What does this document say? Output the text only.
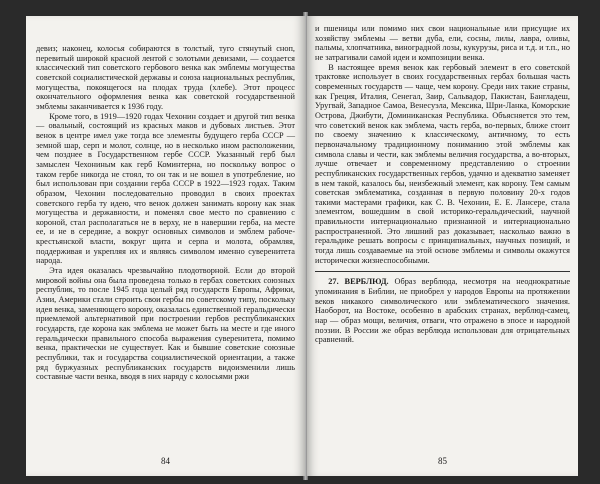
девиз; наконец, колосья собираются в толстый, туго стянутый сноп, перевитый широкой красной лентой с золотыми девизами, — создается классический тип советского гербового венка как эмблемы могущества советской социалистической державы и союза национальных республик, могущества, покоящегося на плодах труда (хлебе). Этот процесс окончательного оформления венка как советской государственной эмблемы заканчивается к 1936 году.

Кроме того, в 1919—1920 годах Чехонин создает и другой тип венка — овальный, состоящий из красных маков и дубовых листьев. Этот венок в центре имел уже тогда все элементы будущего герба СССР — земной шар, серп и молот, солнце, но в несколько ином расположении, чем позднее в Государственном гербе СССР. Указанный герб был замыслен Чехониным как герб Коминтерна, но поскольку вопрос о таком гербе никогда не стоял, то он так и не вошел в употребление, но был использован при создании герба СССР в 1922—1923 годах. Таким образом, Чехонин последовательно проводил в своих проектах советского герба ту идею, что венок должен занимать корону как знак могущества и державности, и поменял свое место по сравнению с короной, стал располагаться не в верху, не в навершии герба, на месте ее, и не в середине, а вокруг основных символов и эмблем рабоче-крестьянской власти, вокруг щита и серпа и молота, обрамляя, поддерживая и укрепляя их и являясь символом именно суверенитета народа.

Эта идея оказалась чрезвычайно плодотворной. Если до второй мировой войны она была проведена только в гербах советских союзных республик, то после 1945 года целый ряд государств Европы, Африки, Азии, Америки стали строить свои гербы по советскому типу, поскольку идея венка, заменяющего корону, оказалась единственной геральдически приемлемой альтернативой при построении гербов республиканских государств, где корона как эмблема не может быть на месте и где иного геральдически правильного способа выражения суверенитета, помимо венка, практически не существует. Как и бывшие советские союзные республики, так и государства социалистической ориентации, а также ряд буржуазных республиканских государств видоизменили лишь составные части венка, вводя в них наряду с колосьями ржи

84

и пшеницы или помимо них свои национальные или присущие их хозяйству эмблемы — ветви дуба, ели, сосны, лилы, лавра, оливы, пальмы, хлопчатника, виноградной лозы, кукурузы, риса и т.д. и т.п., но не затрагивали самой идеи и композиции венка.

В настоящее время венок как гербовый элемент в его советской трактовке использует в своих государственных гербах большая часть современных государств — чаще, чем корону. Среди них такие страны, как Греция, Италия, Сенегал, Заир, Сальвадор, Пакистан, Бангладеш, Уругвай, Западное Самоа, Венесуэла, Мексика, Шри-Ланка, Коморские Острова, Джибути, Доминиканская Республика. Объясняется это тем, что советский венок как эмблема, часть герба, во-первых, ближе стоит по своему значению к классическому, античному, то есть первоначальному традиционному пониманию этой эмблемы как символа славы и чести, как эмблемы величия государства, а во-вторых, лучше отвечает и современному представлению о строении республиканских государственных гербов, удачно и адекватно заменяет в нем такой, казалось бы, неизбежный элемент, как корону. Тем самым советская эмблематика, созданная в первую половину 20-х годов такими мастерами графики, как С. В. Чехонин, Е. Е. Лансере, стала элементом, вошедшим в свой историко-геральдический, научной правильности интернационально признанной и интернационально распространенной. Это лишний раз доказывает, насколько важно в геральдике решать вопросы с принципиальных, научных позиций, и тогда лишь создаваемые на этой основе эмблемы и символы окажутся исторически жизнеспособными.

27. ВЕРБЛЮД. Образ верблюда, несмотря на неоднократные упоминания в Библии, не приобрел у народов Европы на протяжении веков никакого символического или эмблематического значения. Наоборот, на Востоке, особенно в арабских странах, верблюд-самец, нар — образ мощи, величия, отваги, что отражено в эпосе и народной поэзии. В России же образ верблюда использован для отрицательных сравнений.

85
